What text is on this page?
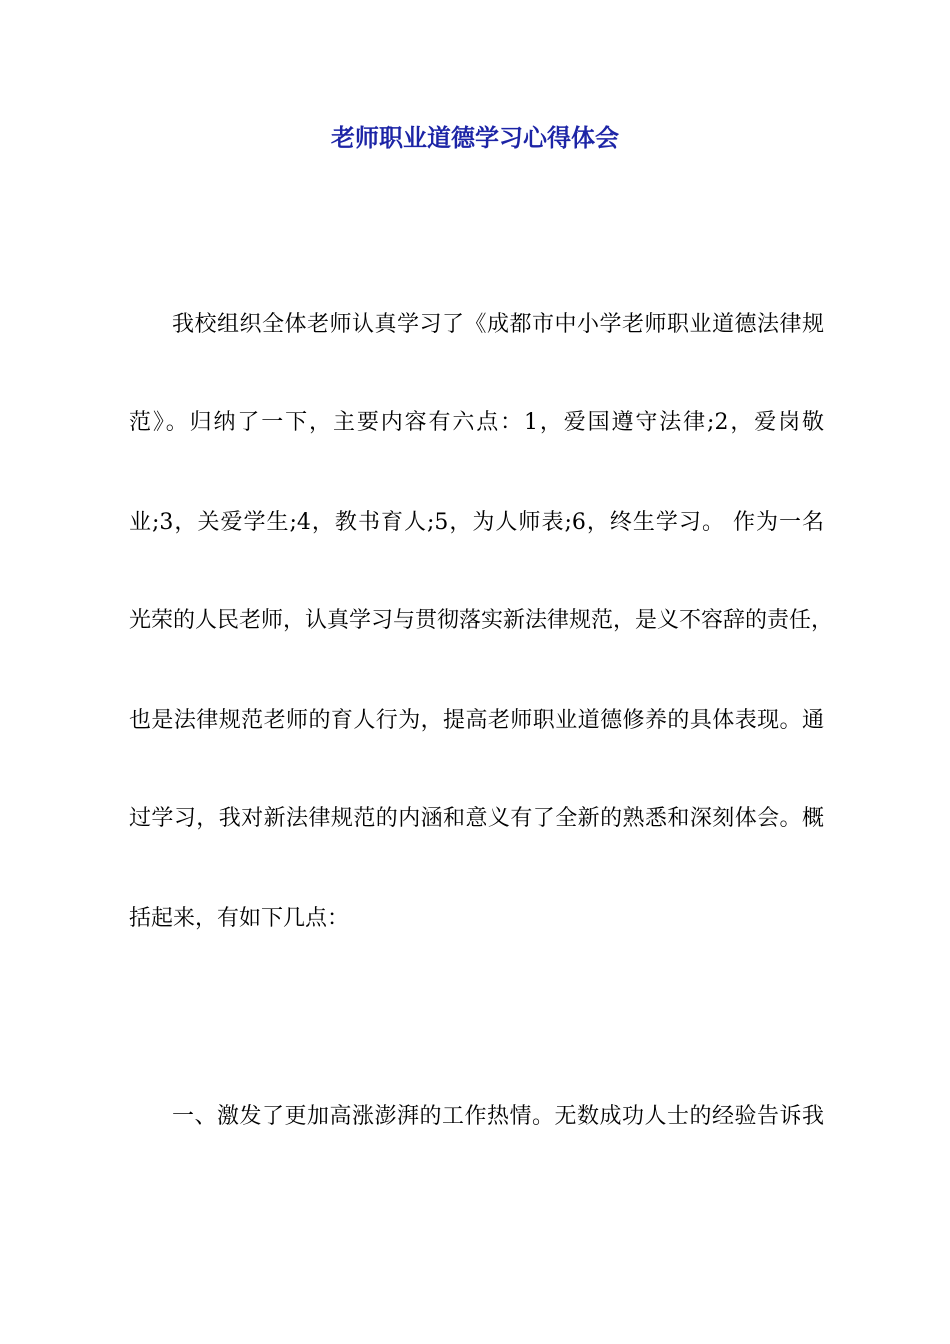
老师职业道德学习心得体会
我校组织全体老师认真学习了《成都市中小学老师职业道德法律规
范》。归纳了一下，主要内容有六点：1，爱国遵守法律;2，爱岗敬
业;3，关爱学生;4，教书育人;5，为人师表;6，终生学习。 作为一名
光荣的人民老师，认真学习与贯彻落实新法律规范，是义不容辞的责任，
也是法律规范老师的育人行为，提高老师职业道德修养的具体表现。通
过学习，我对新法律规范的内涵和意义有了全新的熟悉和深刻体会。概
括起来，有如下几点：
一、激发了更加高涨澎湃的工作热情。无数成功人士的经验告诉我
